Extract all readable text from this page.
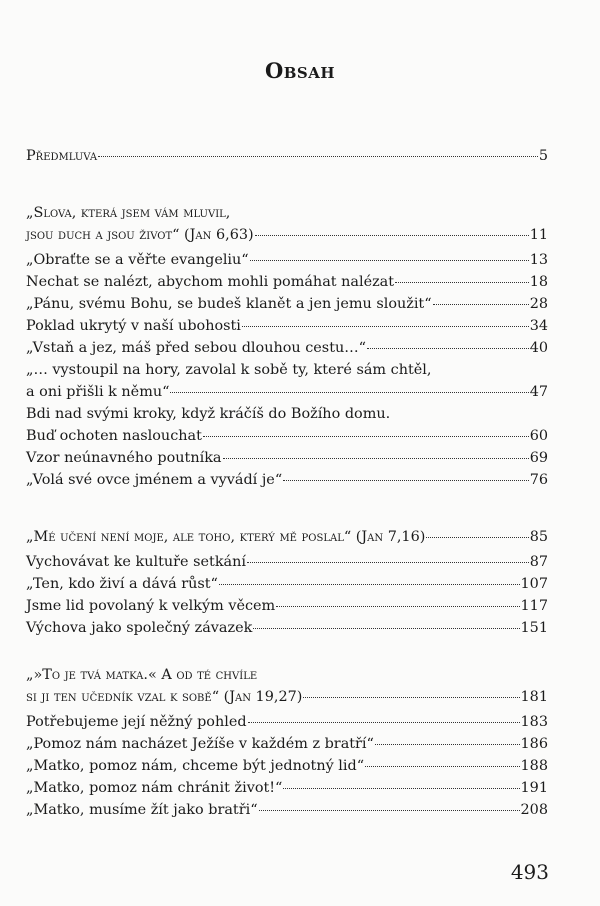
Obsah
Předmluva	5
„Slova, která jsem vám mluvil,
jsou duch a jsou život“ (Jan 6,63)	11
„Obraťte se a věřte evangeliu“	13
Nechat se nalézt, abychom mohli pomáhat nalézat	18
„Pánu, svému Bohu, se budeš klanět a jen jemu sloužit“	28
Poklad ukrytý v naší ubohosti	34
„Vstaň a jez, máš před sebou dlouhou cestu…“	40
„… vystoupil na hory, zavolal k sobě ty, které sám chtěl,
a oni přišli k němu“	47
Bdi nad svými kroky, když kráčíš do Božího domu.
Buď ochoten naslouchat	60
Vzor neúnavného poutníka	69
„Volá své ovce jménem a vyvádí je“	76
„Mé učení není moje, ale toho, který mě poslal“ (Jan 7,16)	85
Vychovávat ke kultuře setkání	87
„Ten, kdo živí a dává růst“	107
Jsme lid povolaný k velkým věcem	117
Výchova jako společný závazek	151
„»To je tvá matka.« A od té chvíle
si ji ten učedník vzal k sobě“ (Jan 19,27)	181
Potřebujeme její něžný pohled	183
„Pomoz nám nacházet Ježíše v každém z bratří“	186
„Matko, pomoz nám, chceme být jednotný lid“	188
„Matko, pomoz nám chránit život!“	191
„Matko, musíme žít jako bratři“	208
493
